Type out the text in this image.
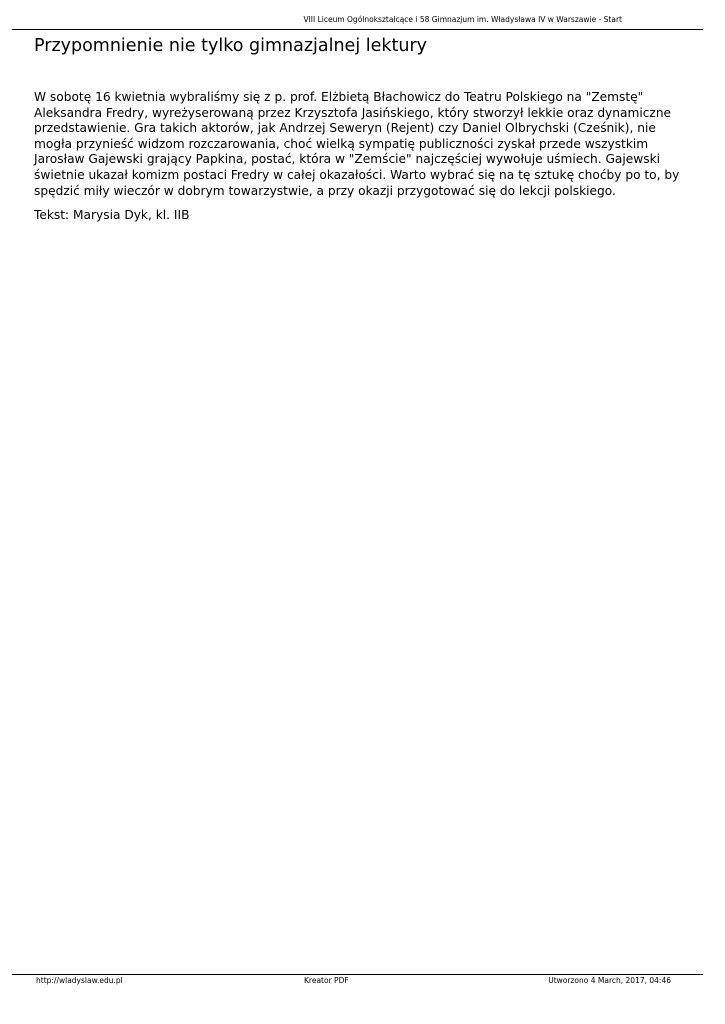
VIII Liceum Ogólnokształcące i 58 Gimnazjum im. Władysława IV w Warszawie - Start
Przypomnienie nie tylko gimnazjalnej lektury

W sobotę 16 kwietnia wybraliśmy się z p. prof. Elżbietą Błachowicz do Teatru Polskiego na "Zemstę" Aleksandra Fredry, wyreżyserowaną przez Krzysztofa Jasińskiego, który stworzył lekkie oraz dynamiczne przedstawienie. Gra takich aktorów, jak Andrzej Seweryn (Rejent) czy Daniel Olbrychski (Cześnik), nie mogła przynieść widzom rozczarowania, choć wielką sympatię publiczności zyskał przede wszystkim Jarosław Gajewski grający Papkina, postać, która w "Zemście" najczęściej wywołuje uśmiech. Gajewski świetnie ukazał komizm postaci Fredry w całej okazałości. Warto wybrać się na tę sztukę choćby po to, by spędzić miły wieczór w dobrym towarzystwie, a przy okazji przygotować się do lekcji polskiego.

Tekst: Marysia Dyk, kl. IIB

http://wladyslaw.edu.pl	Kreator PDF	Utworzono 4 March, 2017, 04:46
